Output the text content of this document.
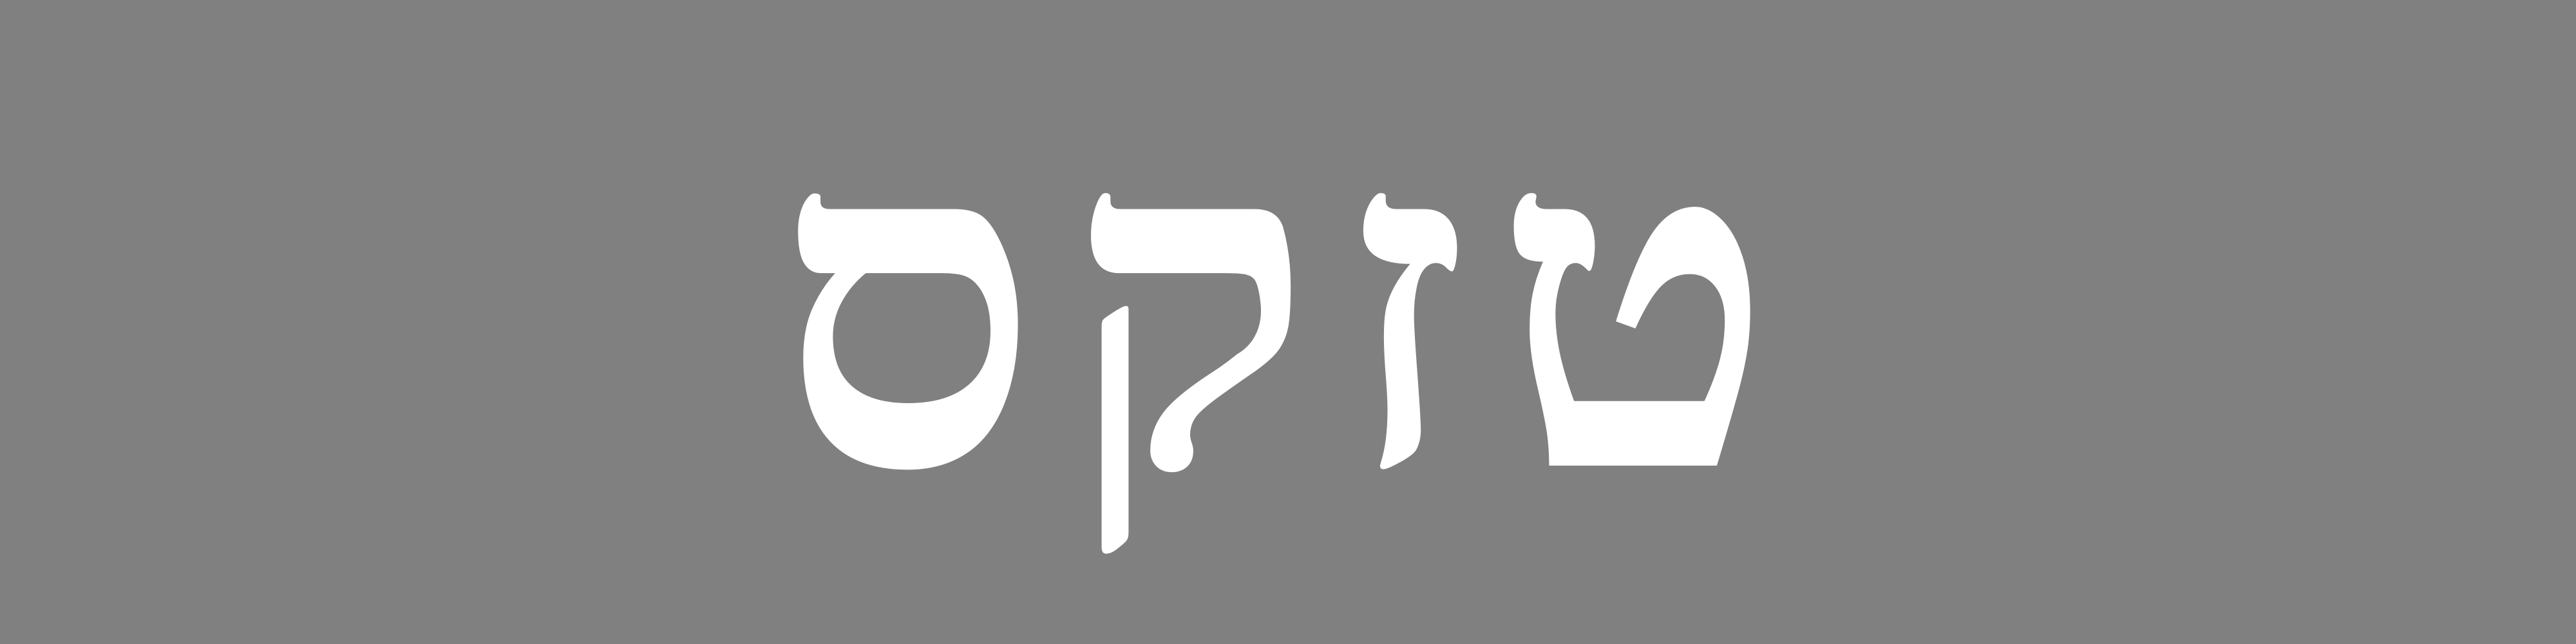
טזקס
